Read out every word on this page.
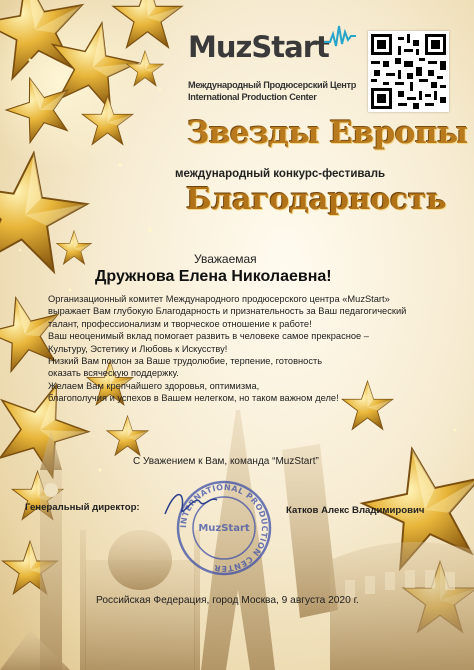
MuzStart
Международный Продюсерский Центр
International Production Center
Звезды Европы
международный конкурс-фестиваль
Благодарность
Уважаемая
Дружнова Елена Николаевна!

Организационный комитет Международного продюсерского центра «MuzStart»

выражает Вам глубокую Благодарность и признательность за Ваш педагогический

талант, профессионализм и творческое отношение к работе!

Ваш неоценимый вклад помогает развить в человеке самое прекрасное –

Культуру, Эстетику и Любовь к Искусству!

Низкий Вам поклон за Ваше трудолюбие, терпение, готовность

оказать всяческую поддержку.

Желаем Вам крепчайшего здоровья, оптимизма,

благополучия и успехов в Вашем нелегком, но таком важном деле!

С Уважением к Вам, команда “MuzStart”
Генеральный директор:
INTERNATIONAL PRODUCTION CENTER
MuzStart
Катков Алекс Владимирович
Российская Федерация, город Москва, 9 августа 2020 г.
